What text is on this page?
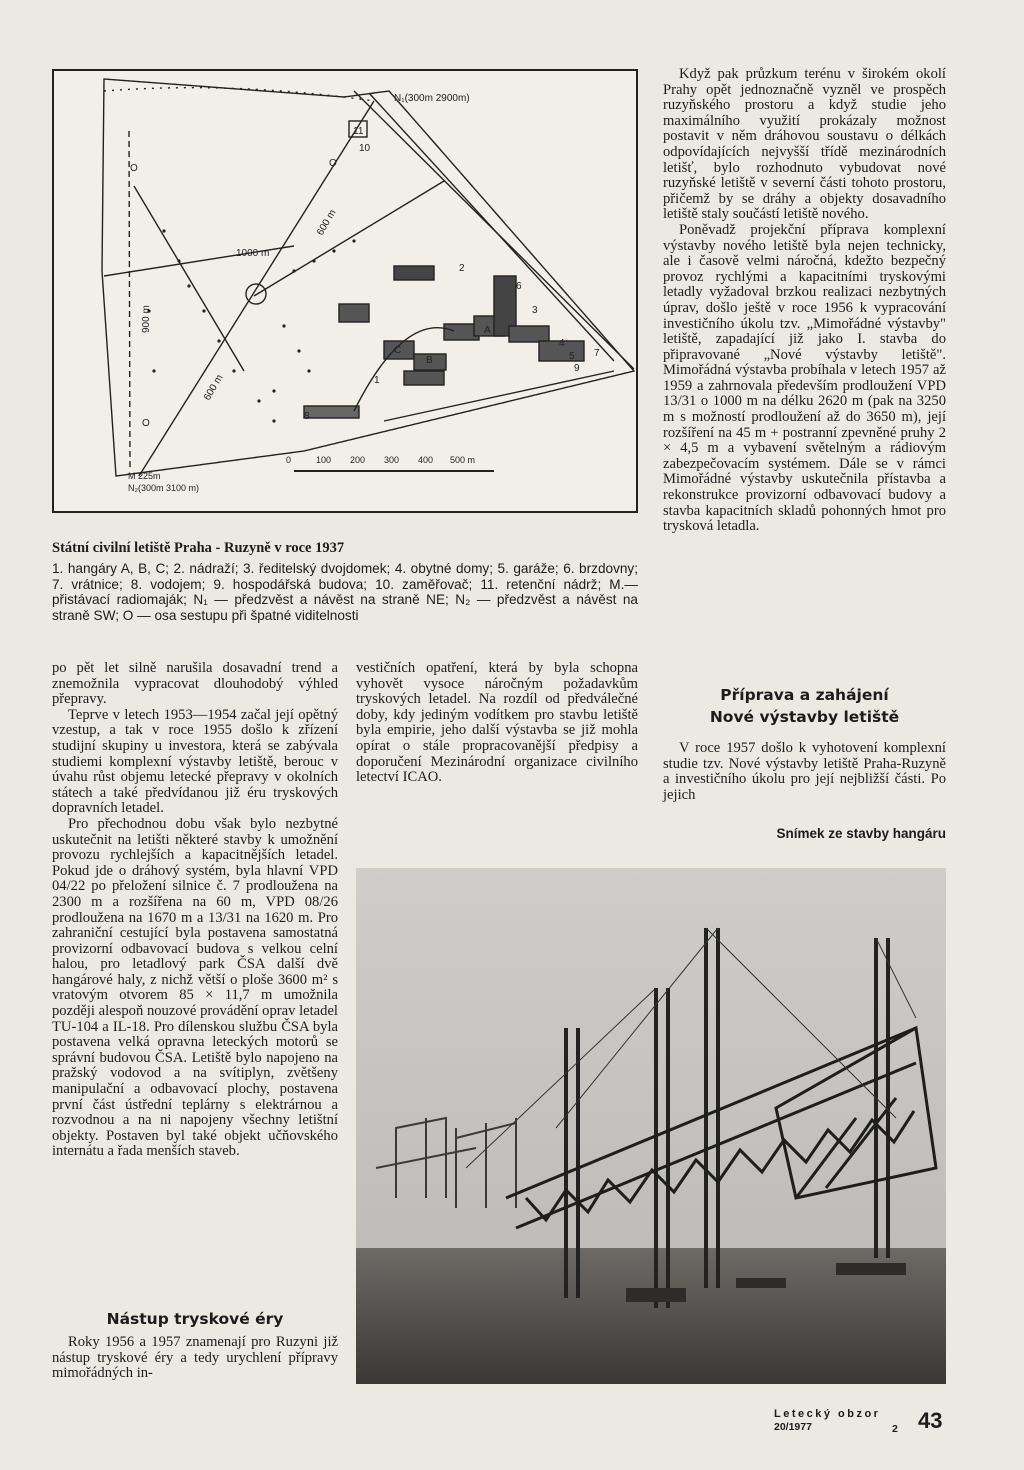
N₁(300m 2900m)
M 225m
N₂(300m 3100 m)
1000 m
900 m
600 m
600 m
10
11
O
O
O
1
2
3
4
5
6
7
8
9
A
B
C
0	100 200 300 400 500 m
Státní civilní letiště Praha - Ruzyně v roce 1937
1. hangáry A, B, C; 2. nádraží; 3. ředitelský dvojdomek; 4. obytné domy; 5. garáže; 6. brzdovny; 7. vrátnice; 8. vodojem; 9. hospodářská budova; 10. zaměřovač; 11. retenční nádrž; M.— přistávací radiomaják; N₁ — předzvěst a návěst na straně NE; N₂ — předzvěst a návěst na straně SW; O — osa sestupu při špatné viditelnosti

po pět let silně narušila dosavadní trend a znemožnila vypracovat dlouhodobý výhled přepravy.

Teprve v letech 1953—1954 začal její opětný vzestup, a tak v roce 1955 došlo k zřízení studijní skupiny u investora, která se zabývala studiemi komplexní výstavby letiště, berouc v úvahu růst objemu letecké přepravy v okolních státech a také předvídanou již éru tryskových dopravních letadel.

Pro přechodnou dobu však bylo nezbytné uskutečnit na letišti některé stavby k umožnění provozu rychlejších a kapacitnějších letadel. Pokud jde o dráhový systém, byla hlavní VPD 04/22 po přeložení silnice č. 7 prodloužena na 2300 m a rozšířena na 60 m, VPD 08/26 prodloužena na 1670 m a 13/31 na 1620 m. Pro zahraniční cestující byla postavena samostatná provizorní odbavovací budova s velkou celní halou, pro letadlový park ČSA další dvě hangárové haly, z nichž větší o ploše 3600 m² s vratovým otvorem 85 × 11,7 m umožnila později alespoň nouzové provádění oprav letadel TU-104 a IL-18. Pro dílenskou službu ČSA byla postavena velká opravna leteckých motorů se správní budovou ČSA. Letiště bylo napojeno na pražský vodovod a na svítiplyn, zvětšeny manipulační a odbavovací plochy, postavena první část ústřední teplárny s elektrárnou a rozvodnou a na ni napojeny všechny letištní objekty. Postaven byl také objekt učňovského internátu a řada menších staveb.

Nástup tryskové éry

Roky 1956 a 1957 znamenají pro Ruzyni již nástup tryskové éry a tedy urychlení přípravy mimořádných in-

vestičních opatření, která by byla schopna vyhovět vysoce náročným požadavkům tryskových letadel. Na rozdíl od předválečné doby, kdy jediným vodítkem pro stavbu letiště byla empirie, jeho další výstavba se již mohla opírat o stále propracovanější předpisy a doporučení Mezinárodní organizace civilního letectví ICAO.

Když pak průzkum terénu v širokém okolí Prahy opět jednoznačně vyzněl ve prospěch ruzyňského prostoru a když studie jeho maximálního využití prokázaly možnost postavit v něm dráhovou soustavu o délkách odpovídajících nejvyšší třídě mezinárodních letišť, bylo rozhodnuto vybudovat nové ruzyňské letiště v severní části tohoto prostoru, přičemž by se dráhy a objekty dosavadního letiště staly součástí letiště nového.

Poněvadž projekční příprava komplexní výstavby nového letiště byla nejen technicky, ale i časově velmi náročná, kdežto bezpečný provoz rychlými a kapacitními tryskovými letadly vyžadoval brzkou realizaci nezbytných úprav, došlo ještě v roce 1956 k vypracování investičního úkolu tzv. „Mimořádné výstavby" letiště, zapadající již jako I. stavba do připravované „Nové výstavby letiště". Mimořádná výstavba probíhala v letech 1957 až 1959 a zahrnovala především prodloužení VPD 13/31 o 1000 m na délku 2620 m (pak na 3250 m s možností prodloužení až do 3650 m), její rozšíření na 45 m + postranní zpevněné pruhy 2 × 4,5 m a vybavení světelným a rádiovým zabezpečovacím systémem. Dále se v rámci Mimořádné výstavby uskutečnila přístavba a rekonstrukce provizorní odbavovací budovy a stavba kapacitních skladů pohonných hmot pro trysková letadla.

Příprava a zahájení
Nové výstavby letiště

V roce 1957 došlo k vyhotovení komplexní studie tzv. Nové výstavby letiště Praha-Ruzyně a investičního úkolu pro její nejbližší části. Po jejich

Snímek ze stavby hangáru
Letecký obzor
20/1977	2 43
